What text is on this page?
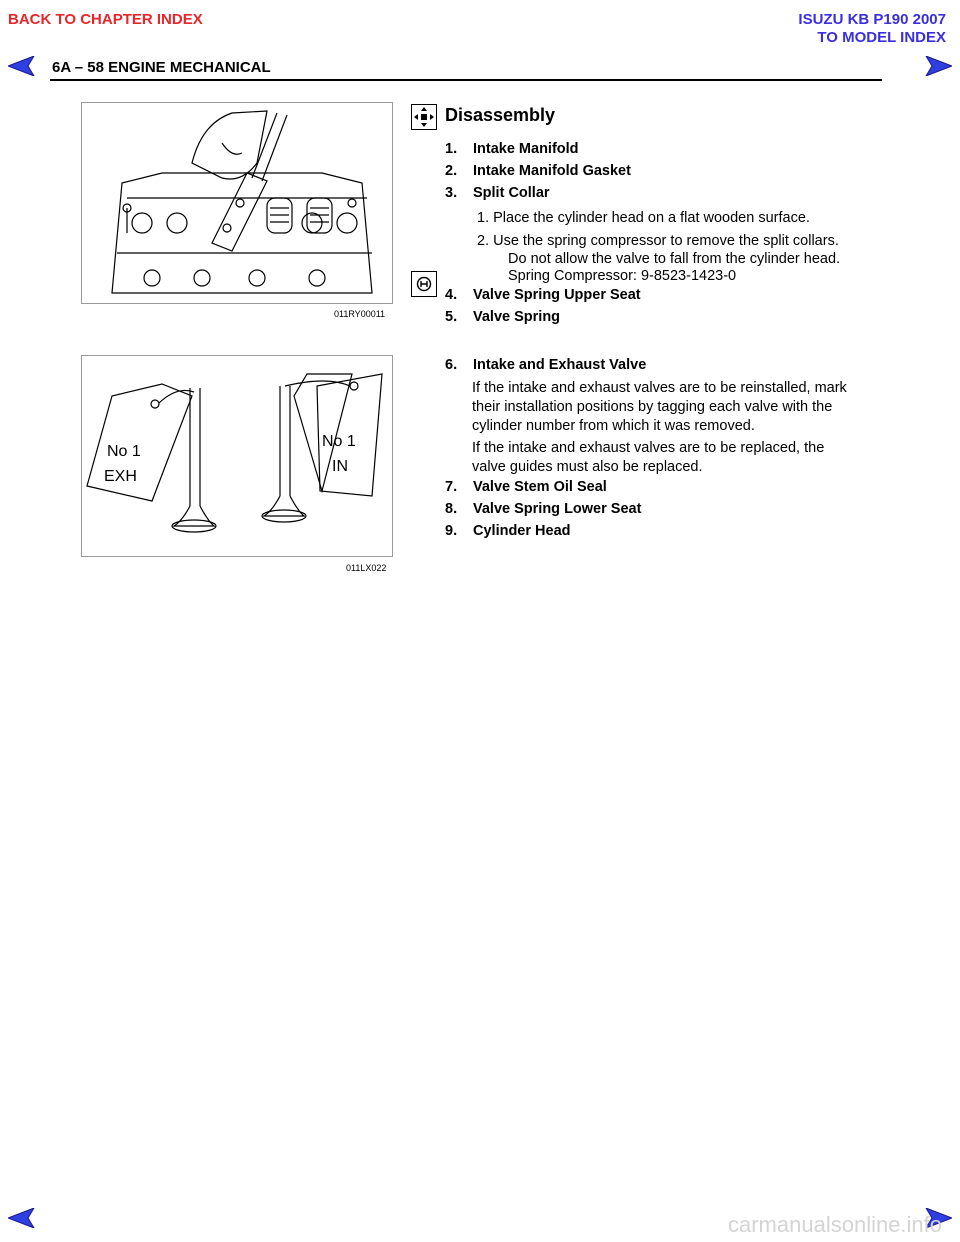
BACK TO CHAPTER INDEX	ISUZU KB P190 2007
TO MODEL INDEX
6A – 58 ENGINE MECHANICAL
011RY00011
No 1
EXH
No 1
IN
011LX022
Disassembly
1. Intake Manifold
2. Intake Manifold Gasket
3. Split Collar
1. Place the cylinder head on a flat wooden surface.
2. Use the spring compressor to remove the split collars.
Do not allow the valve to fall from the cylinder head.
Spring Compressor: 9-8523-1423-0
4. Valve Spring Upper Seat
5. Valve Spring
6. Intake and Exhaust Valve
If the intake and exhaust valves are to be reinstalled, mark
their installation positions by tagging each valve with the
cylinder number from which it was removed.
If the intake and exhaust valves are to be replaced, the
valve guides must also be replaced.
7. Valve Stem Oil Seal
8. Valve Spring Lower Seat
9. Cylinder Head
carmanualsonline.info
